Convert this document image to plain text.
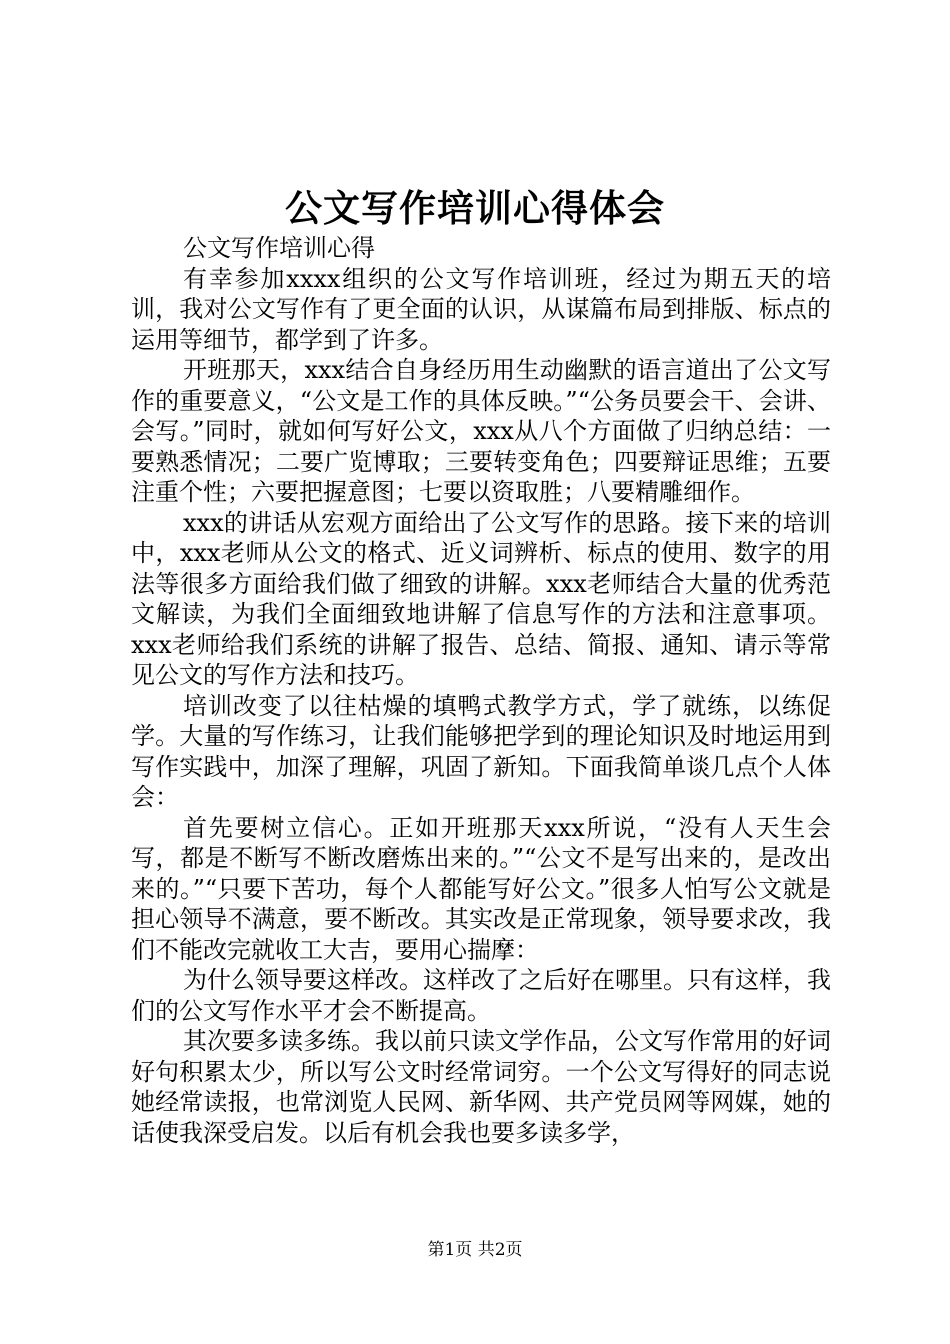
公文写作培训心得体会

公文写作培训心得

有幸参加xxxx组织的公文写作培训班，经过为期五天的培训，我对公文写作有了更全面的认识，从谋篇布局到排版、标点的运用等细节，都学到了许多。

开班那天，xxx结合自身经历用生动幽默的语言道出了公文写作的重要意义，“公文是工作的具体反映。”“公务员要会干、会讲、会写。”同时，就如何写好公文，xxx从八个方面做了归纳总结：一要熟悉情况；二要广览博取；三要转变角色；四要辩证思维；五要注重个性；六要把握意图；七要以资取胜；八要精雕细作。

xxx的讲话从宏观方面给出了公文写作的思路。接下来的培训中，xxx老师从公文的格式、近义词辨析、标点的使用、数字的用法等很多方面给我们做了细致的讲解。xxx老师结合大量的优秀范文解读，为我们全面细致地讲解了信息写作的方法和注意事项。xxx老师给我们系统的讲解了报告、总结、简报、通知、请示等常见公文的写作方法和技巧。

培训改变了以往枯燥的填鸭式教学方式，学了就练，以练促学。大量的写作练习，让我们能够把学到的理论知识及时地运用到写作实践中，加深了理解，巩固了新知。下面我简单谈几点个人体会：

首先要树立信心。正如开班那天xxx所说，“没有人天生会写，都是不断写不断改磨炼出来的。”“公文不是写出来的，是改出来的。”“只要下苦功，每个人都能写好公文。”很多人怕写公文就是担心领导不满意，要不断改。其实改是正常现象，领导要求改，我们不能改完就收工大吉，要用心揣摩：

为什么领导要这样改。这样改了之后好在哪里。只有这样，我们的公文写作水平才会不断提高。

其次要多读多练。我以前只读文学作品，公文写作常用的好词好句积累太少，所以写公文时经常词穷。一个公文写得好的同志说她经常读报，也常浏览人民网、新华网、共产党员网等网媒，她的话使我深受启发。以后有机会我也要多读多学，

第1页 共2页
